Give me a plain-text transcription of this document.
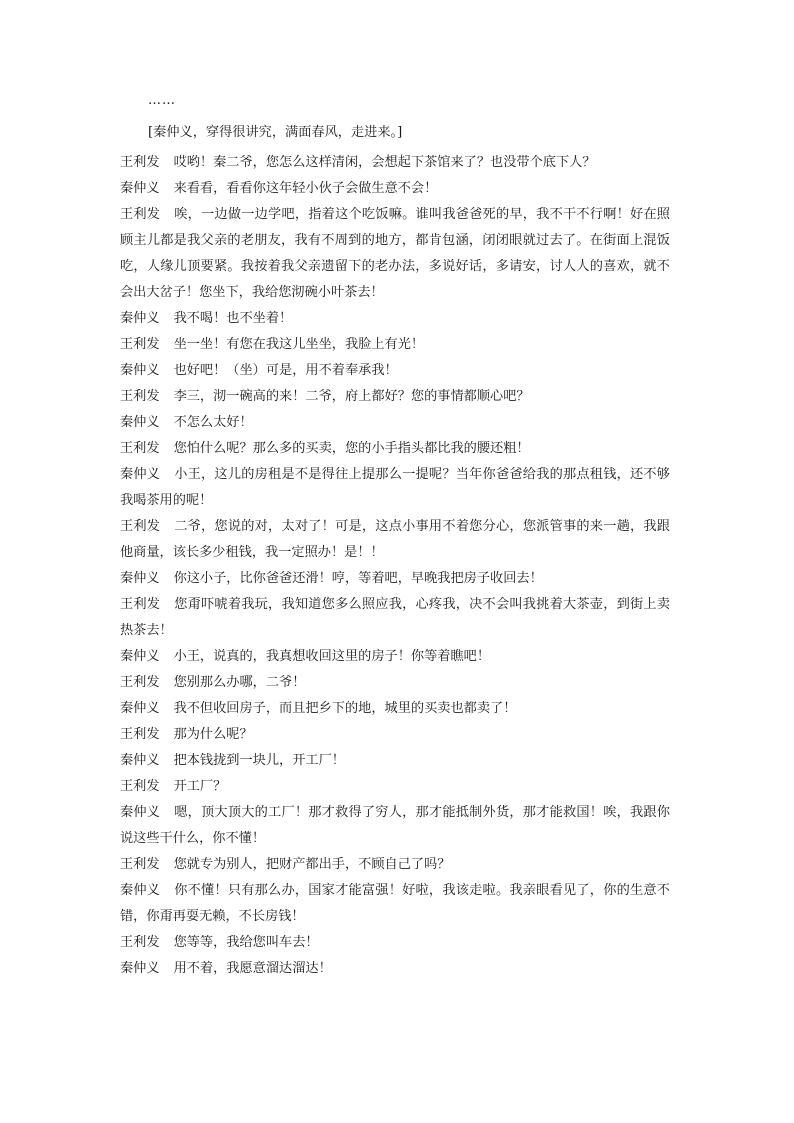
……
[秦仲义，穿得很讲究，满面春风，走进来。]
王利发 哎哟！秦二爷，您怎么这样清闲，会想起下茶馆来了？也没带个底下人？
秦仲义 来看看，看看你这年轻小伙子会做生意不会！
王利发 唉，一边做一边学吧，指着这个吃饭嘛。谁叫我爸爸死的早，我不干不行啊！好在照顾主儿都是我父亲的老朋友，我有不周到的地方，都肯包涵，闭闭眼就过去了。在街面上混饭吃，人缘儿顶要紧。我按着我父亲遗留下的老办法，多说好话，多请安，讨人人的喜欢，就不会出大岔子！您坐下，我给您沏碗小叶茶去！
秦仲义 我不喝！也不坐着！
王利发 坐一坐！有您在我这儿坐坐，我脸上有光！
秦仲义 也好吧！（坐）可是，用不着奉承我！
王利发 李三，沏一碗高的来！二爷，府上都好？您的事情都顺心吧？
秦仲义 不怎么太好！
王利发 您怕什么呢？那么多的买卖，您的小手指头都比我的腰还粗！
秦仲义 小王，这儿的房租是不是得往上提那么一提呢？当年你爸爸给我的那点租钱，还不够我喝茶用的呢！
王利发 二爷，您说的对，太对了！可是，这点小事用不着您分心，您派管事的来一趟，我跟他商量，该长多少租钱，我一定照办！是！！
秦仲义 你这小子，比你爸爸还滑！哼，等着吧，早晚我把房子收回去！
王利发 您甭吓唬着我玩，我知道您多么照应我，心疼我，决不会叫我挑着大茶壶，到街上卖热茶去！
秦仲义 小王，说真的，我真想收回这里的房子！你等着瞧吧！
王利发 您别那么办哪，二爷！
秦仲义 我不但收回房子，而且把乡下的地，城里的买卖也都卖了！
王利发 那为什么呢？
秦仲义 把本钱拢到一块儿，开工厂！
王利发 开工厂？
秦仲义 嗯，顶大顶大的工厂！那才救得了穷人，那才能抵制外货，那才能救国！唉，我跟你说这些干什么，你不懂！
王利发 您就专为别人，把财产都出手，不顾自己了吗？
秦仲义 你不懂！只有那么办，国家才能富强！好啦，我该走啦。我亲眼看见了，你的生意不错，你甭再耍无赖，不长房钱！
王利发 您等等，我给您叫车去！
秦仲义 用不着，我愿意溜达溜达！
